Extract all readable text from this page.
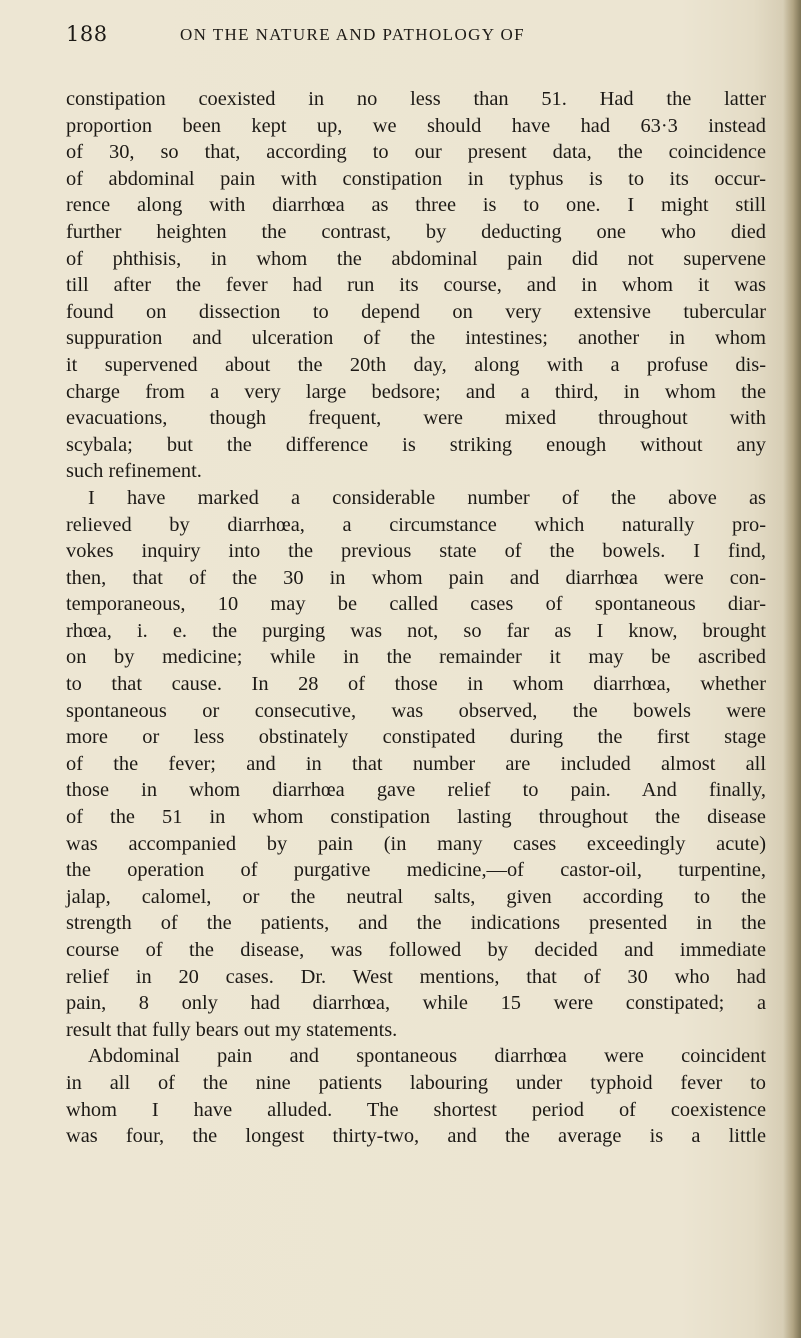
188	ON THE NATURE AND PATHOLOGY OF
constipation coexisted in no less than 51. Had the latter
proportion been kept up, we should have had 63·3 instead
of 30, so that, according to our present data, the coincidence
of abdominal pain with constipation in typhus is to its occur-
rence along with diarrhœa as three is to one. I might still
further heighten the contrast, by deducting one who died
of phthisis, in whom the abdominal pain did not supervene
till after the fever had run its course, and in whom it was
found on dissection to depend on very extensive tubercular
suppuration and ulceration of the intestines; another in whom
it supervened about the 20th day, along with a profuse dis-
charge from a very large bedsore; and a third, in whom the
evacuations, though frequent, were mixed throughout with
scybala; but the difference is striking enough without any
such refinement.
I have marked a considerable number of the above as
relieved by diarrhœa, a circumstance which naturally pro-
vokes inquiry into the previous state of the bowels. I find,
then, that of the 30 in whom pain and diarrhœa were con-
temporaneous, 10 may be called cases of spontaneous diar-
rhœa, i. e. the purging was not, so far as I know, brought
on by medicine; while in the remainder it may be ascribed
to that cause. In 28 of those in whom diarrhœa, whether
spontaneous or consecutive, was observed, the bowels were
more or less obstinately constipated during the first stage
of the fever; and in that number are included almost all
those in whom diarrhœa gave relief to pain. And finally,
of the 51 in whom constipation lasting throughout the disease
was accompanied by pain (in many cases exceedingly acute)
the operation of purgative medicine,—of castor-oil, turpentine,
jalap, calomel, or the neutral salts, given according to the
strength of the patients, and the indications presented in the
course of the disease, was followed by decided and immediate
relief in 20 cases. Dr. West mentions, that of 30 who had
pain, 8 only had diarrhœa, while 15 were constipated; a
result that fully bears out my statements.
Abdominal pain and spontaneous diarrhœa were coincident
in all of the nine patients labouring under typhoid fever to
whom I have alluded. The shortest period of coexistence
was four, the longest thirty-two, and the average is a little
